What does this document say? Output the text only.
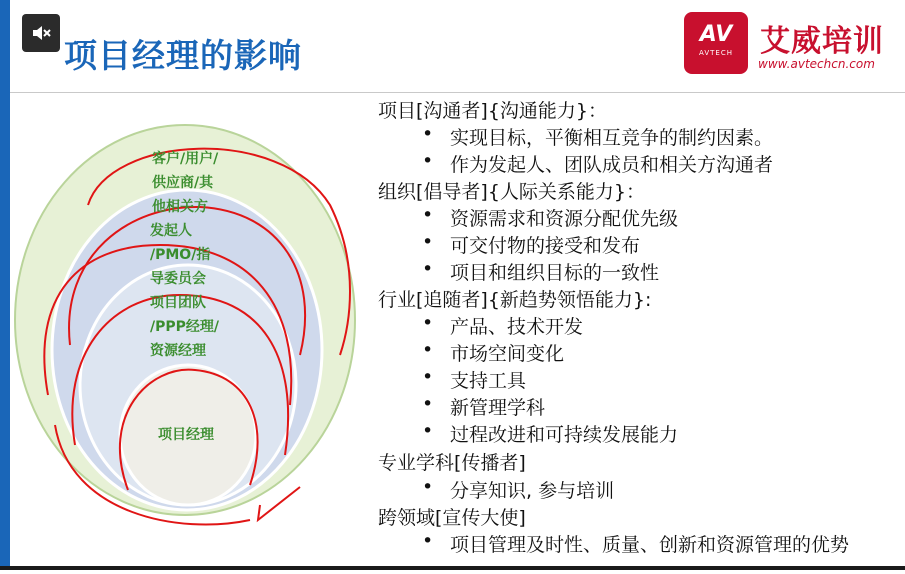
项目经理的影响
AV
AVTECH 艾威培训
www.avtechcn.com
客户/用户/
供应商/其
他相关方
发起人
/PMO/指
导委员会
项目团队
/PPP经理/
资源经理
项目经理
项目[沟通者]{沟通能力}：
• 实现目标，平衡相互竞争的制约因素。
• 作为发起人、团队成员和相关方沟通者
组织[倡导者]{人际关系能力}：
• 资源需求和资源分配优先级
• 可交付物的接受和发布
• 项目和组织目标的一致性
行业[追随者]{新趋势领悟能力}:
• 产品、技术开发
• 市场空间变化
• 支持工具
• 新管理学科
• 过程改进和可持续发展能力
专业学科[传播者]
• 分享知识, 参与培训
跨领域[宣传大使]
• 项目管理及时性、质量、创新和资源管理的优势
